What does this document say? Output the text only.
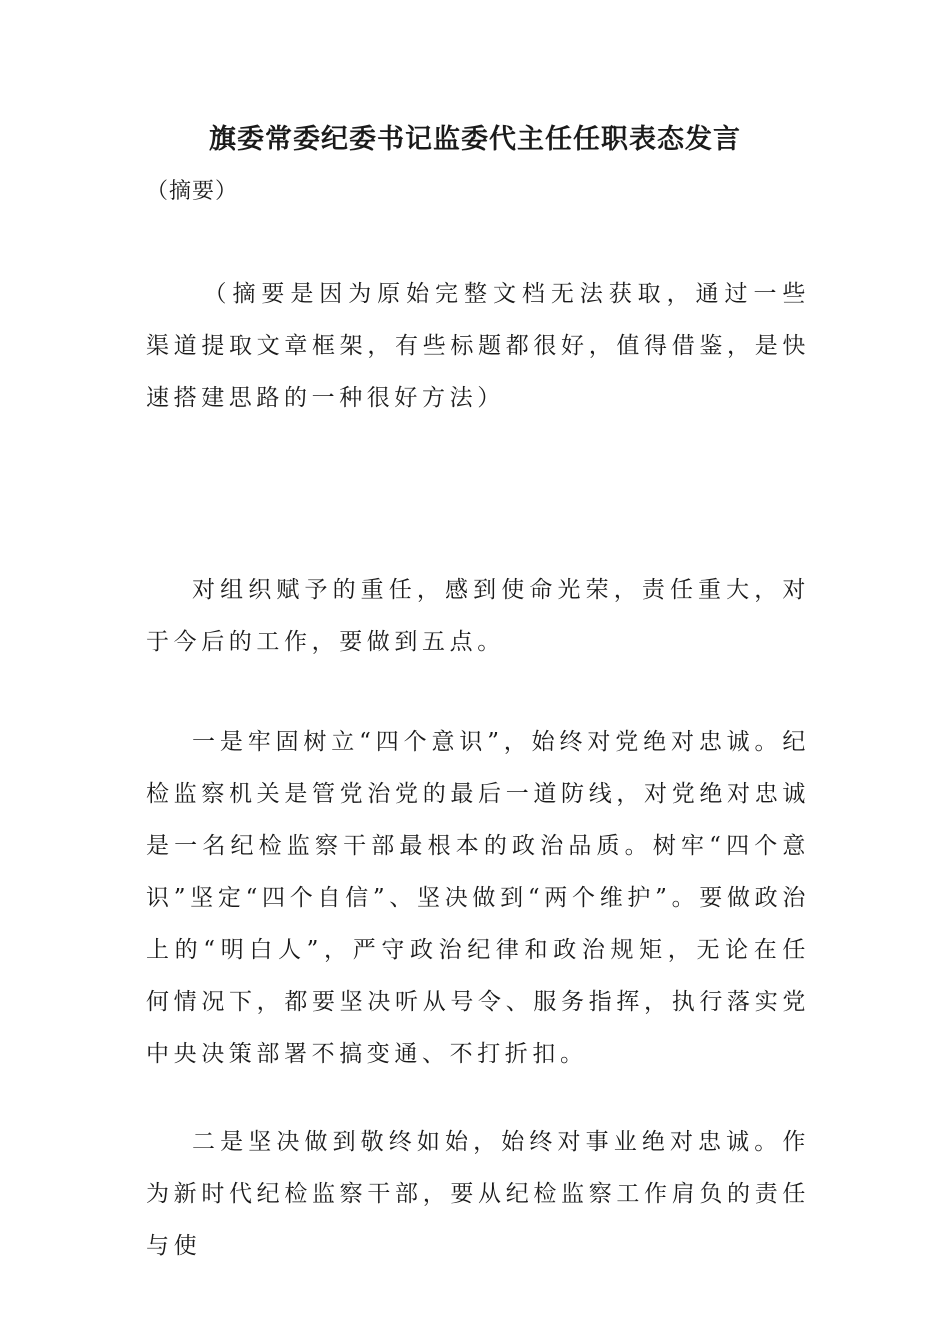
旗委常委纪委书记监委代主任任职表态发言
（摘要）

（摘要是因为原始完整文档无法获取，通过一些渠道提取文章框架，有些标题都很好，值得借鉴，是快速搭建思路的一种很好方法）

对组织赋予的重任，感到使命光荣，责任重大，对于今后的工作，要做到五点。

一是牢固树立“四个意识”，始终对党绝对忠诚。纪检监察机关是管党治党的最后一道防线，对党绝对忠诚是一名纪检监察干部最根本的政治品质。树牢“四个意识”坚定“四个自信”、坚决做到“两个维护”。要做政治上的“明白人”，严守政治纪律和政治规矩，无论在任何情况下，都要坚决听从号令、服务指挥，执行落实党中央决策部署不搞变通、不打折扣。

二是坚决做到敬终如始，始终对事业绝对忠诚。作为新时代纪检监察干部，要从纪检监察工作肩负的责任与使
